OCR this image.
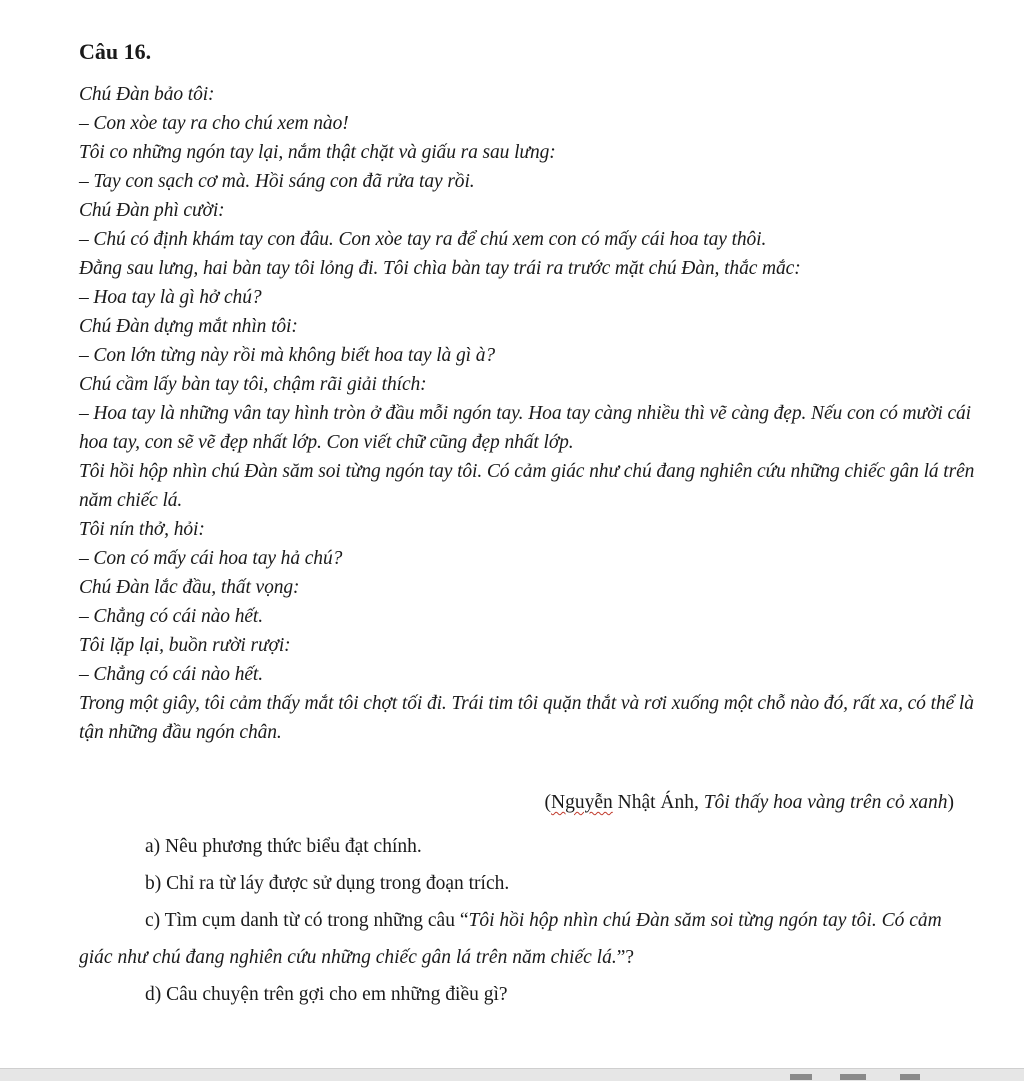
Câu 16.

Chú Đàn bảo tôi:

– Con xòe tay ra cho chú xem nào!

Tôi co những ngón tay lại, nắm thật chặt và giấu ra sau lưng:

– Tay con sạch cơ mà. Hồi sáng con đã rửa tay rồi.

Chú Đàn phì cười:

– Chú có định khám tay con đâu. Con xòe tay ra để chú xem con có mấy cái hoa tay thôi.

Đằng sau lưng, hai bàn tay tôi lỏng đi. Tôi chìa bàn tay trái ra trước mặt chú Đàn, thắc mắc:

– Hoa tay là gì hở chú?

Chú Đàn dựng mắt nhìn tôi:

– Con lớn từng này rồi mà không biết hoa tay là gì à?

Chú cầm lấy bàn tay tôi, chậm rãi giải thích:

– Hoa tay là những vân tay hình tròn ở đầu mỗi ngón tay. Hoa tay càng nhiều thì vẽ càng đẹp. Nếu con có mười cái hoa tay, con sẽ vẽ đẹp nhất lớp. Con viết chữ cũng đẹp nhất lớp.

Tôi hồi hộp nhìn chú Đàn săm soi từng ngón tay tôi. Có cảm giác như chú đang nghiên cứu những chiếc gân lá trên năm chiếc lá.

Tôi nín thở, hỏi:

– Con có mấy cái hoa tay hả chú?

Chú Đàn lắc đầu, thất vọng:

– Chẳng có cái nào hết.

Tôi lặp lại, buồn rười rượi:

– Chẳng có cái nào hết.

Trong một giây, tôi cảm thấy mắt tôi chợt tối đi. Trái tim tôi quặn thắt và rơi xuống một chỗ nào đó, rất xa, có thể là tận những đầu ngón chân.

(Nguyễn Nhật Ánh, Tôi thấy hoa vàng trên cỏ xanh)

a) Nêu phương thức biểu đạt chính.

b) Chỉ ra từ láy được sử dụng trong đoạn trích.

c) Tìm cụm danh từ có trong những câu “Tôi hồi hộp nhìn chú Đàn săm soi từng ngón tay tôi. Có cảm giác như chú đang nghiên cứu những chiếc gân lá trên năm chiếc lá.”?

d) Câu chuyện trên gợi cho em những điều gì?
